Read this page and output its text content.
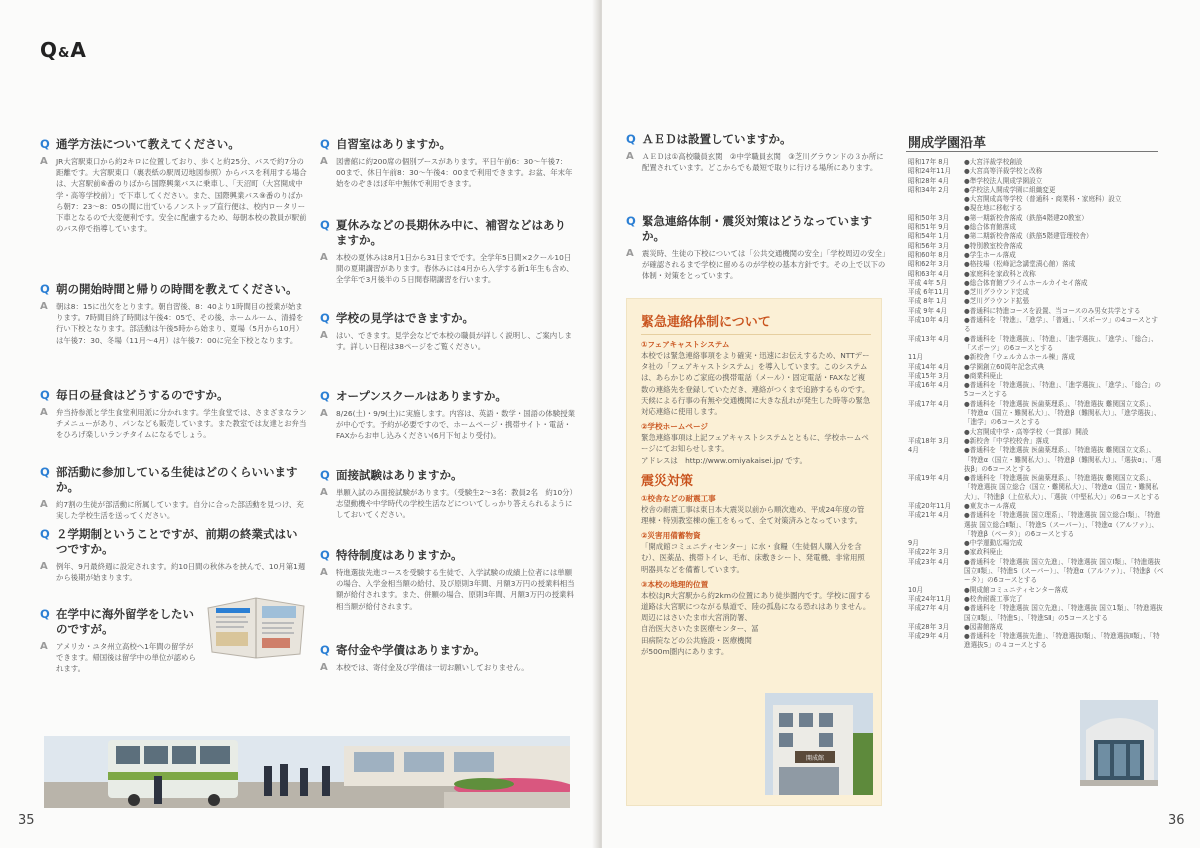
Q&A
Q 通学方法について教えてください。
A	JR大宮駅東口から約2キロに位置しており、歩くと約25分、バスで約7分の距離です。大宮駅東口（裏表紙の駅周辺地図参照）からバスを利用する場合は、大宮駅前⑥番のりばから国際興業バスに乗車し、「天沼町（大宮開成中学・高等学校前）」で下車してください。また、国際興業バス⑨番のりばから朝7：23～8：05の間に出ているノンストップ直行便は、校内ロータリー下車となるので大変便利です。安全に配慮するため、毎朝本校の教員が駅前のバス停で指導しています。
Q 朝の開始時間と帰りの時間を教えてください。
A	朝は8：15に出欠をとります。朝自習後、8：40より1時間目の授業が始まります。7時間目終了時間は午後4：05で、その後、ホームルーム、清掃を行い下校となります。部活動は午後5時から始まり、夏場（5月から10月）は午後7：30、冬場（11月～4月）は午後7：00に完全下校となります。
Q 毎日の昼食はどうするのですか。
A	弁当持参派と学生食堂利用派に分かれます。学生食堂では、さまざまなランチメニューがあり、パンなども販売しています。また教室では友達とお弁当をひろげ楽しいランチタイムになるでしょう。
Q 部活動に参加している生徒はどのくらいいますか。
A	約7割の生徒が部活動に所属しています。自分に合った部活動を見つけ、充実した学校生活を送ってください。
Q ２学期制ということですが、前期の終業式はいつですか。
A	例年、9月最終週に設定されます。約10日間の秋休みを挟んで、10月第1週から後期が始まります。
Q 在学中に海外留学をしたいのですが。
A	アメリカ・ユタ州立高校へ1年間の留学ができます。帰国後は留学中の単位が認められます。
Q 自習室はありますか。
A	図書館に約200席の個別ブースがあります。平日午前6：30～午後7：00まで、休日午前8：30～午後4：00まで利用できます。お盆、年末年始をのぞきほぼ年中無休で利用できます。
Q 夏休みなどの長期休み中に、補習などはありますか。
A	本校の夏休みは8月1日から31日までです。全学年5日間×2クール10日間の夏期講習があります。春休みには4月から入学する新1年生も含め、全学年で3月後半の５日間春期講習を行います。
Q 学校の見学はできますか。
A	はい、できます。見学会などで本校の職員が詳しく説明し、ご案内します。詳しい日程は38ページをご覧ください。
Q オープンスクールはありますか。
A	8/26(土)・9/9(土)に実施します。内容は、英語・数学・国語の体験授業が中心です。予約が必要ですので、ホームページ・携帯サイト・電話・FAXからお申し込みください(6月下旬より受付)。
Q 面接試験はありますか。
A	単願入試のみ面接試験があります。（受験生2～3名：教員2名　約10分）志望動機や中学時代の学校生活などについてしっかり答えられるようにしておいてください。
Q 特待制度はありますか。
A	特進選抜先進コースを受験する生徒で、入学試験の成績上位者には単願の場合、入学金相当額の給付、及び原則3年間、月額3万円の授業料相当額が給付されます。また、併願の場合、原則3年間、月額3万円の授業料相当額が給付されます。
Q 寄付金や学債はありますか。
A	本校では、寄付金及び学債は一切お願いしておりません。
35
Q ＡＥＤは設置していますか。
A	ＡＥＤは①高校職員玄関　②中学職員玄関　③芝川グラウンドの３か所に配置されています。どこからでも最短で取りに行ける場所にあります。
Q 緊急連絡体制・震災対策はどうなっていますか。
A	震災時、生徒の下校については「公共交通機関の安全」「学校周辺の安全」が確認されるまで学校に留めるのが学校の基本方針です。その上で以下の体制・対策をとっています。
緊急連絡体制について
①フェアキャストシステム
本校では緊急連絡事項をより確実・迅速にお伝えするため、NTTデータ社の「フェアキャストシステム」を導入しています。このシステムは、あらかじめご家庭の携帯電話（メール）・固定電話・FAXなど複数の連絡先を登録していただき、連絡がつくまで追跡するものです。天候による行事の有無や交通機関に大きな乱れが発生した時等の緊急対応連絡に使用します。
②学校ホームページ
緊急連絡事項は上記フェアキャストシステムとともに、学校ホームページにてお知らせします。
アドレスは　http://www.omiyakaisei.jp/ です。
震災対策
①校舎などの耐震工事
校舎の耐震工事は東日本大震災以前から順次進め、平成24年度の管理棟・特別教室棟の施工をもって、全て対策済みとなっています。
②災害用備蓄物資
「開成館コミュニティセンター」に水・食糧（生徒個人購入分を含む）、医薬品、携帯トイレ、毛布、床敷きシート、発電機、非常用照明器具などを備蓄しています。
③本校の地理的位置
本校はJR大宮駅から約2kmの位置にあり徒歩圏内です。学校に面する道路は大宮駅につながる県道で、陸の孤島になる恐れはありません。
周辺にはさいたま市大宮消防署、自治医大さいたま医療センター、冨田病院などの公共施設・医療機関が500m圏内にあります。
開成館
開成学園沿革
昭和17年 8月	●大宮洋裁学校創設
昭和24年11月	●大宮高等洋裁学校と改称
昭和28年 4月	●準学校法人開成学園設立
昭和34年 2月	●学校法人開成学園に組織変更
●大宮開成高等学校（普通科・商業科・家庭科）設立
●現在地に移転する
昭和50年 3月	●第一期新校舎落成（鉄筋4階建20教室）
昭和51年 9月	●総合体育館落成
昭和54年 1月	●第二期新校舎落成（鉄筋5階建管理校舎）
昭和56年 3月	●特別教室校舎落成
昭和60年 8月	●学生ホール落成
昭和62年 3月	●格技場（松峰記念講堂漬心館）落成
昭和63年 4月	●家庭科を家政科と改称
平成 4年 5月	●総合体育館プライムホールカイセイ落成
平成 6年11月	●芝川グラウンド完成
平成 8年 1月	●芝川グラウンド拡張
平成 9年 4月	●普通科に特進コースを設置、当コースのみ男女共学とする
平成10年 4月	●普通科を「特進」、「進学」、「普通」、「スポーツ」の4コースとする
平成13年 4月	●普通科を「特進選抜」、「特進」、「進学選抜」、「進学」、「総合」、「スポーツ」の6コースとする
11月	●新校舎「ウェルカムホール棟」落成
平成14年 4月	●学園創立60周年記念式典
平成15年 3月	●商業科廃止
平成16年 4月	●普通科を「特進選抜」、「特進」、「進学選抜」、「進学」、「総合」の5コースとする
平成17年 4月	●普通科を「特進選抜 医歯薬理系」、「特進選抜 難関国立文系」、「特進α（国立・難関私大）」、「特進β（難関私大）」、「進学選抜」、「進学」の6コースとする
●大宮開成中学・高等学校（一貫部）開設
平成18年 3月	●新校舎「中学校校舎」落成
4月	●普通科を「特進選抜 医歯薬理系」、「特進選抜 難関国立文系」、「特進α（国立・難関私大）」、「特進β（難関私大）」、「選抜α」、「選抜β」の6コースとする
平成19年 4月	●普通科を「特進選抜 医歯薬理系」、「特進選抜 難関国立文系」、「特進選抜 国立総合（国立・難関私大）」、「特進α（国立・難関私大）」、「特進β（上位私大）」、「選抜（中堅私大）」の6コースとする
平成20年11月	●東友ホール落成
平成21年 4月	●普通科を「特進選抜 国立理系」、「特進選抜 国立総合Ⅰ類」、「特進選抜 国立総合Ⅱ類」、「特進S（スーパー）」、「特進α（アルファ）」、「特進β（ベータ）」の6コースとする
9月	●中学運動広場完成
平成22年 3月	●家政科廃止
平成23年 4月	●普通科を「特進選抜 国立先進」、「特進選抜 国立Ⅰ類」、「特進選抜 国立Ⅱ類」、「特進S（スーパー）」、「特進α（アルファ）」、「特進β（ベータ）」の6コースとする
10月	●開成館コミュニティセンター落成
平成24年11月	●校舎耐震工事完了
平成27年 4月	●普通科を「特進選抜 国立先進」、「特進選抜 国立1類」、「特進選抜 国立Ⅱ類」、「特進S」、「特進SⅡ」の5コースとする
平成28年 3月	●図書館落成
平成29年 4月	●普通科を「特進選抜先進」、「特進選抜Ⅰ類」、「特進選抜Ⅱ類」、「特進選抜S」の４コースとする
36
